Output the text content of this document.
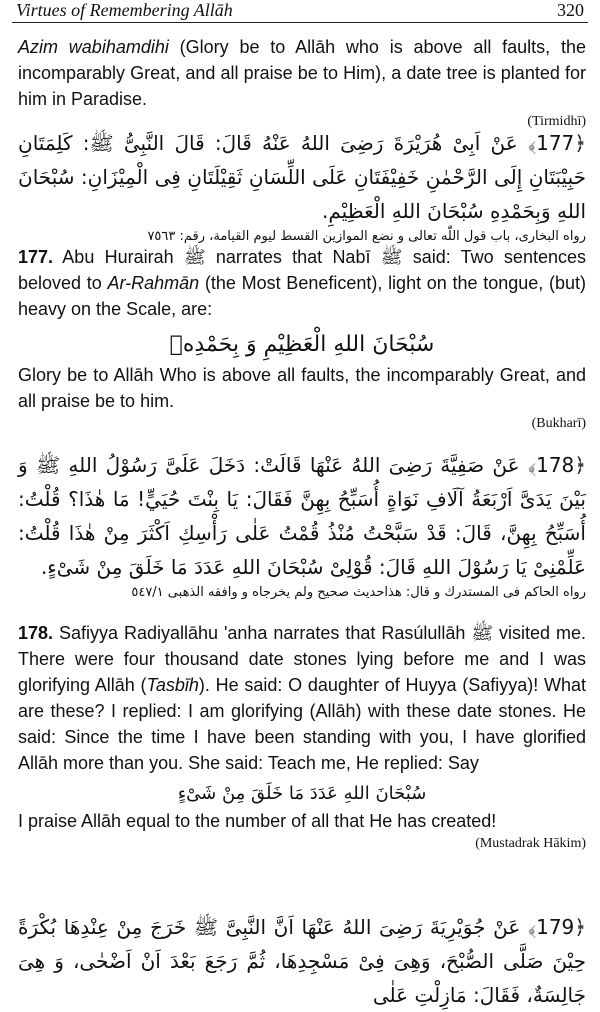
Virtues of Remembering Allāh	320

Azim wabihamdihi (Glory be to Allāh who is above all faults, the incomparably Great, and all praise be to Him), a date tree is planted for him in Paradise.

(Tirmidhī)

﴿177﴾ عَنْ اَبِىْ هُرَيْرَةَ رَضِىَ اللهُ عَنْهُ قَالَ: قَالَ النَّبِىُّ ﷺ: كَلِمَتَانِ حَبِيْبَتَانِ إِلَى الرَّحْمٰنِ خَفِيْفَتَانِ عَلَى اللِّسَانِ ثَقِيْلَتَانِ فِى الْمِيْزَانِ: سُبْحَانَ اللهِ وَبِحَمْدِهِ سُبْحَانَ اللهِ الْعَظِيْمِ.

رواه البخارى، باب قول اللّٰه تعالى و نضع الموازين القسط ليوم القيامة، رقم: ٧٥٦٣

177. Abu Hurairah ﷺ narrates that Nabī ﷺ said: Two sentences beloved to Ar-Rahmān (the Most Beneficent), light on the tongue, (but) heavy on the Scale, are:

سُبْحَانَ اللهِ الْعَظِيْمِ وَ بِحَمْدِهٖ

Glory be to Allāh Who is above all faults, the incomparably Great, and all praise be to him.

(Bukharī)

﴿178﴾ عَنْ صَفِيَّةَ رَضِىَ اللهُ عَنْهَا قَالَتْ: دَخَلَ عَلَىَّ رَسُوْلُ اللهِ ﷺ وَ بَيْنَ يَدَىَّ اَرْبَعَةُ آلَافِ نَوَاةٍ أُسَبِّحُ بِهِنَّ فَقَالَ: يَا بِنْتَ حُيَيٍّ! مَا هٰذَا؟ قُلْتُ: أُسَبِّحُ بِهِنَّ، قَالَ: قَدْ سَبَّحْتُ مُنْذُ قُمْتُ عَلٰى رَأْسِكِ اَكْثَرَ مِنْ هٰذَا قُلْتُ: عَلِّمْنِىْ يَا رَسُوْلَ اللهِ قَالَ: قُوْلِىْ سُبْحَانَ اللهِ عَدَدَ مَا خَلَقَ مِنْ شَىْءٍ.

رواه الحاكم فى المستدرك و قال: هذاحديث صحيح ولم يخرجاه و وافقه الذهبى ٥٤٧/١

178. Safiyya Radiyallāhu 'anha narrates that Rasúlullāh ﷺ visited me. There were four thousand date stones lying before me and I was glorifying Allāh (Tasbīh). He said: O daughter of Huyya (Safiyya)! What are these? I replied: I am glorifying (Allāh) with these date stones. He said: Since the time I have been standing with you, I have glorified Allāh more than you. She said: Teach me, He replied: Say

سُبْحَانَ اللهِ عَدَدَ مَا خَلَقَ مِنْ شَىْءٍ

I praise Allāh equal to the number of all that He has created!

(Mustadrak Hākim)

﴿179﴾ عَنْ جُوَيْرِيَةَ رَضِىَ اللهُ عَنْهَا اَنَّ النَّبِىَّ ﷺ خَرَجَ مِنْ عِنْدِهَا بُكْرَةً حِيْنَ صَلَّى الصُّبْحَ، وَهِىَ فِىْ مَسْجِدِهَا، ثُمَّ رَجَعَ بَعْدَ اَنْ اَضْحٰى، وَ هِىَ جَالِسَةٌ، فَقَالَ: مَازِلْتِ عَلٰى
